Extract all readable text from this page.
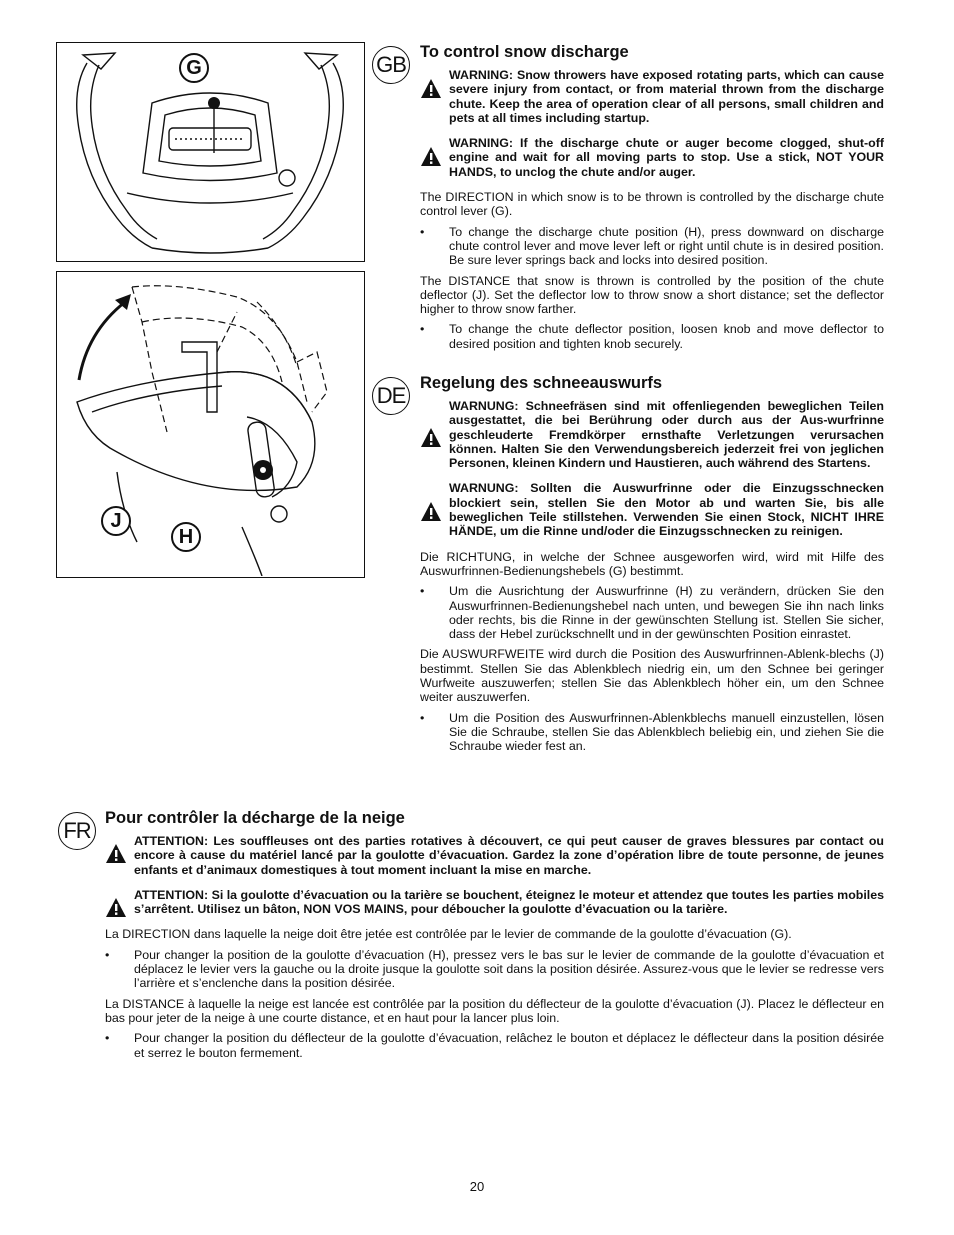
G
J
H
GB To control snow discharge
WARNING: Snow throwers have exposed rotating parts, which can cause severe injury from contact, or from material thrown from the discharge chute. Keep the area of operation clear of all persons, small children and pets at all times including startup.
WARNING: If the discharge chute or auger become clogged, shut-off engine and wait for all moving parts to stop. Use a stick, NOT YOUR HANDS, to unclog the chute and/or auger.

The DIRECTION in which snow is to be thrown is controlled by the discharge chute control lever (G).

• To change the discharge chute position (H), press downward on discharge chute control lever and move lever left or right until chute is in desired position. Be sure lever springs back and locks into desired position.

The DISTANCE that snow is thrown is controlled by the position of the chute deflector (J). Set the deflector low to throw snow a short distance; set the deflector higher to throw snow farther.

• To change the chute deflector position, loosen knob and move deflector to desired position and tighten knob securely.
DE Regelung des schneeauswurfs
WARNUNG: Schneefräsen sind mit offenliegenden beweglichen Teilen ausgestattet, die bei Berührung oder durch aus der Aus-wurfrinne geschleuderte Fremdkörper ernsthafte Verletzungen verursachen können. Halten Sie den Verwendungsbereich jederzeit frei von jeglichen Personen, kleinen Kindern und Haustieren, auch während des Startens.
WARNUNG: Sollten die Auswurfrinne oder die Einzugsschnecken blockiert sein, stellen Sie den Motor ab und warten Sie, bis alle beweglichen Teile stillstehen. Verwenden Sie einen Stock, NICHT IHRE HÄNDE, um die Rinne und/oder die Einzugsschnecken zu reinigen.

Die RICHTUNG, in welche der Schnee ausgeworfen wird, wird mit Hilfe des Auswurfrinnen-Bedienungshebels (G) bestimmt.

• Um die Ausrichtung der Auswurfrinne (H) zu verändern, drücken Sie den Auswurfrinnen-Bedienungshebel nach unten, und bewegen Sie ihn nach links oder rechts, bis die Rinne in der gewünschten Stellung ist. Stellen Sie sicher, dass der Hebel zurückschnellt und in der gewünschten Position einrastet.

Die AUSWURFWEITE wird durch die Position des Auswurfrinnen-Ablenk-blechs (J) bestimmt. Stellen Sie das Ablenkblech niedrig ein, um den Schnee bei geringer Wurfweite auszuwerfen; stellen Sie das Ablenkblech höher ein, um den Schnee weiter auszuwerfen.

• Um die Position des Auswurfrinnen-Ablenkblechs manuell einzustellen, lösen Sie die Schraube, stellen Sie das Ablenkblech beliebig ein, und ziehen Sie die Schraube wieder fest an.
FR Pour contrôler la décharge de la neige
ATTENTION: Les souffleuses ont des parties rotatives à découvert, ce qui peut causer de graves blessures par contact ou encore à cause du matériel lancé par la goulotte d’évacuation. Gardez la zone d’opération libre de toute personne, de jeunes enfants et d’animaux domestiques à tout moment incluant la mise en marche.
ATTENTION: Si la goulotte d’évacuation ou la tarière se bouchent, éteignez le moteur et attendez que toutes les parties mobiles s’arrêtent. Utilisez un bâton, NON VOS MAINS, pour déboucher la goulotte d’évacuation ou la tarière.

La DIRECTION dans laquelle la neige doit être jetée est contrôlée par le levier de commande de la goulotte d’évacuation (G).

• Pour changer la position de la goulotte d’évacuation (H), pressez vers le bas sur le levier de commande de la goulotte d’évacuation et déplacez le levier vers la gauche ou la droite jusque la goulotte soit dans la position désirée. Assurez-vous que le levier se redresse vers l’arrière et s’enclenche dans la position désirée.

La DISTANCE à laquelle la neige est lancée est contrôlée par la position du déflecteur de la goulotte d’évacuation (J). Placez le déflecteur en bas pour jeter de la neige à une courte distance, et en haut pour la lancer plus loin.

• Pour changer la position du déflecteur de la goulotte d’évacuation, relâchez le bouton et déplacez le déflecteur dans la position désirée et serrez le bouton fermement.
20
